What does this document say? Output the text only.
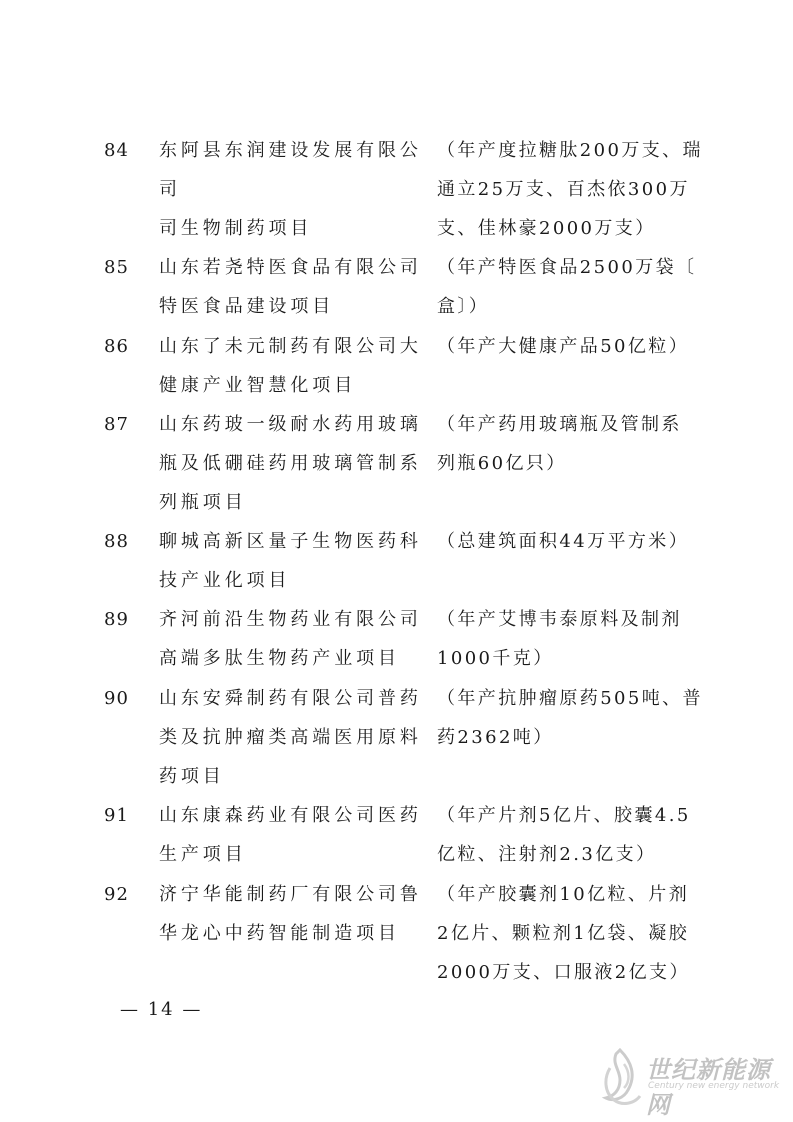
84 东阿县东润建设发展有限公司
司生物制药项目
（年产度拉糖肽200万支、瑞
通立25万支、百杰依300万
支、佳林豪2000万支）
85 山东若尧特医食品有限公司
特医食品建设项目
（年产特医食品2500万袋〔
盒〕）
86 山东了未元制药有限公司大
健康产业智慧化项目
（年产大健康产品50亿粒）
87 山东药玻一级耐水药用玻璃
瓶及低硼硅药用玻璃管制系
列瓶项目
（年产药用玻璃瓶及管制系
列瓶60亿只）
88 聊城高新区量子生物医药科
技产业化项目
（总建筑面积44万平方米）
89 齐河前沿生物药业有限公司
高端多肽生物药产业项目
（年产艾博韦泰原料及制剂
1000千克）
90 山东安舜制药有限公司普药
类及抗肿瘤类高端医用原料
药项目
（年产抗肿瘤原药505吨、普
药2362吨）
91 山东康森药业有限公司医药
生产项目
（年产片剂5亿片、胶囊4.5
亿粒、注射剂2.3亿支）
92 济宁华能制药厂有限公司鲁
华龙心中药智能制造项目
（年产胶囊剂10亿粒、片剂
2亿片、颗粒剂1亿袋、凝胶
2000万支、口服液2亿支）
— 14 —
世纪新能源网
Century new energy network
